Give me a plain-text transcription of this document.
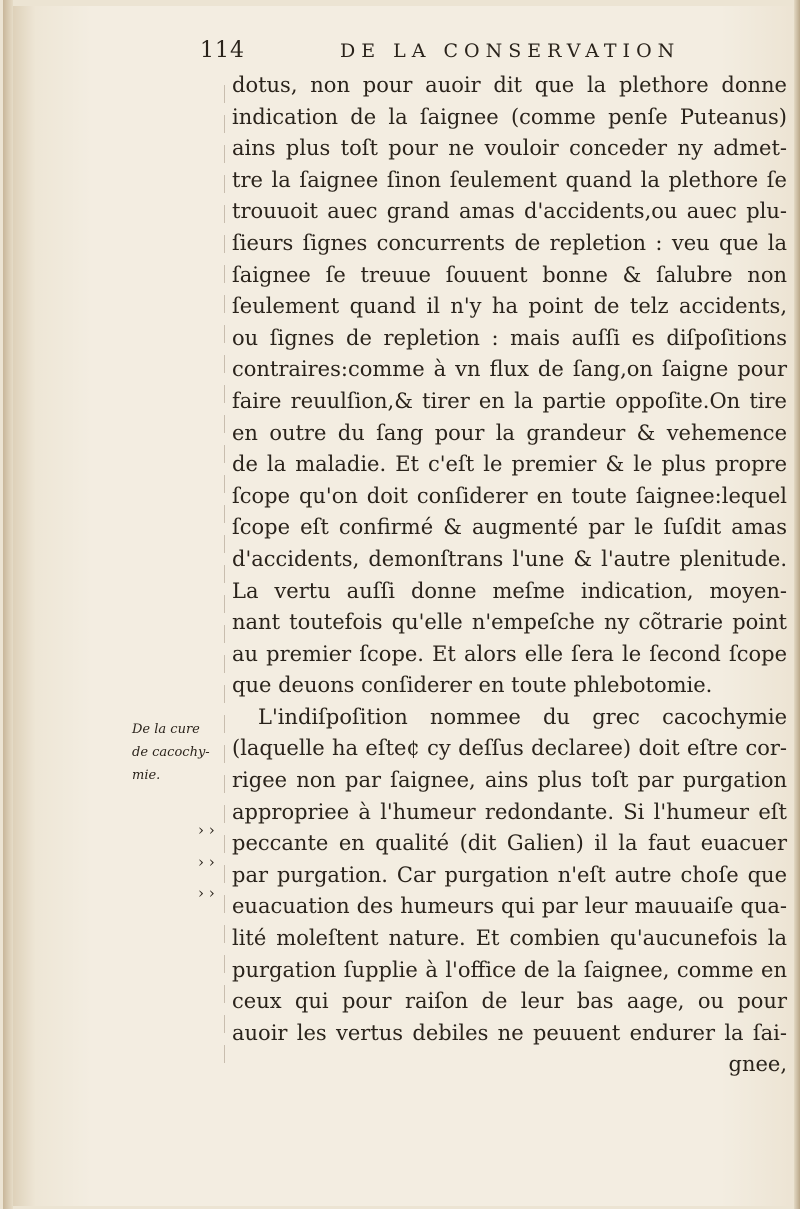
114	DE LA CONSERVATION
De la cure
de cacochy-
mie.
› ›
› ›
› ›
dotus, non pour auoir dit que la plethore donne
indication de la ſaignee (comme penſe Puteanus)
ains plus toſt pour ne vouloir conceder ny admet-
tre la ſaignee ſinon ſeulement quand la plethore ſe
trouuoit auec grand amas d'accidents,ou auec plu-
ſieurs ſignes concurrents de repletion : veu que la
ſaignee ſe treuue ſouuent bonne & ſalubre non
ſeulement quand il n'y ha point de telz accidents,
ou ſignes de repletion : mais auſſi es diſpoſitions
contraires:comme à vn flux de ſang,on ſaigne pour
faire reuulſion,& tirer en la partie oppoſite.On tire
en outre du ſang pour la grandeur & vehemence
de la maladie. Et c'eſt le premier & le plus propre
ſcope qu'on doit conſiderer en toute ſaignee:lequel
ſcope eſt confirmé & augmenté par le ſuſdit amas
d'accidents, demonſtrans l'une & l'autre plenitude.
La vertu auſſi donne meſme indication, moyen-
nant toutefois qu'elle n'empeſche ny cõtrarie point
au premier ſcope. Et alors elle ſera le ſecond ſcope
que deuons conſiderer en toute phlebotomie.
L'indiſpoſition nommee du grec cacochymie
(laquelle ha eſte¢ cy deſſus declaree) doit eſtre cor-
rigee non par ſaignee, ains plus toſt par purgation
appropriee à l'humeur redondante. Si l'humeur eſt
peccante en qualité (dit Galien) il la faut euacuer
par purgation. Car purgation n'eſt autre choſe que
euacuation des humeurs qui par leur mauuaiſe qua-
lité moleſtent nature. Et combien qu'aucunefois la
purgation ſupplie à l'office de la ſaignee, comme en
ceux qui pour raiſon de leur bas aage, ou pour
auoir les vertus debiles ne peuuent endurer la ſai-
gnee,
